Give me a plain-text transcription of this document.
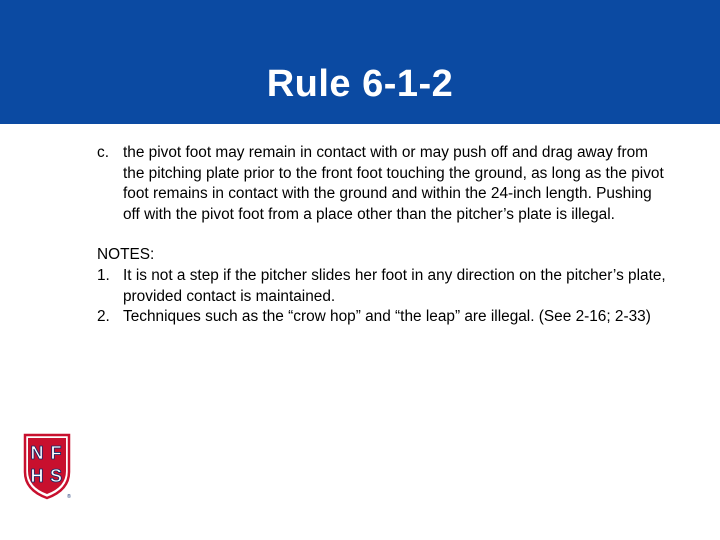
Rule 6-1-2
c. the pivot foot may remain in contact with or may push off and drag away from the pitching plate prior to the front foot touching the ground, as long as the pivot foot remains in contact with the ground and within the 24-inch length. Pushing off with the pivot foot from a place other than the pitcher’s plate is illegal.
NOTES:
1. It is not a step if the pitcher slides her foot in any direction on the pitcher’s plate, provided contact is maintained.
2. Techniques such as the “crow hop” and “the leap” are illegal. (See 2-16; 2-33)
N F
H S
®
